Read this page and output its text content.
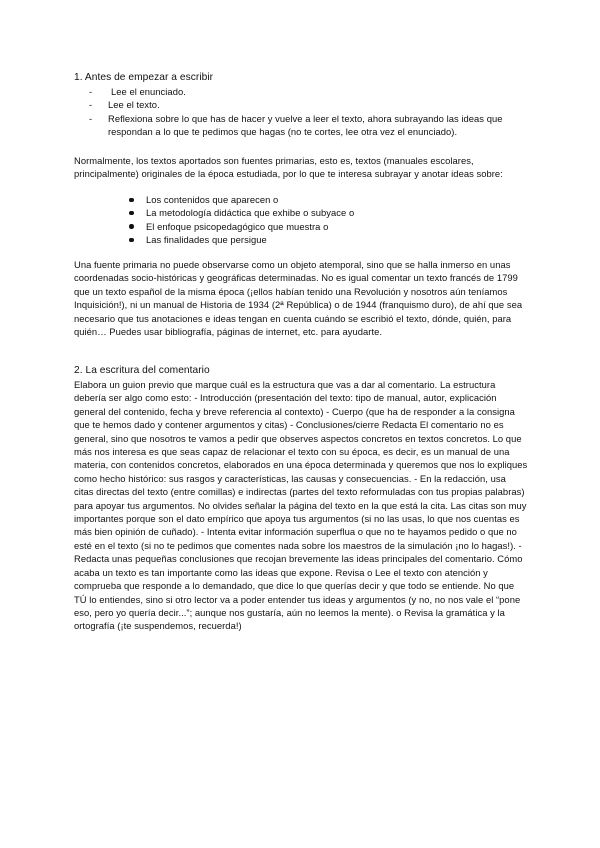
1. Antes de empezar a escribir
- Lee el enunciado.
- Lee el texto.
- Reflexiona sobre lo que has de hacer y vuelve a leer el texto, ahora subrayando las ideas que respondan a lo que te pedimos que hagas (no te cortes, lee otra vez el enunciado).

Normalmente, los textos aportados son fuentes primarias, esto es, textos (manuales escolares, principalmente) originales de la época estudiada, por lo que te interesa subrayar y anotar ideas sobre:

Los contenidos que aparecen o
La metodología didáctica que exhibe o subyace o
El enfoque psicopedagógico que muestra o
Las finalidades que persigue

Una fuente primaria no puede observarse como un objeto atemporal, sino que se halla inmerso en unas coordenadas socio-históricas y geográficas determinadas. No es igual comentar un texto francés de 1799 que un texto español de la misma época (¡ellos habían tenido una Revolución y nosotros aún teníamos Inquisición!), ni un manual de Historia de 1934 (2ª República) o de 1944 (franquismo duro), de ahí que sea necesario que tus anotaciones e ideas tengan en cuenta cuándo se escribió el texto, dónde, quién, para quién… Puedes usar bibliografía, páginas de internet, etc. para ayudarte.

2. La escritura del comentario

Elabora un guion previo que marque cuál es la estructura que vas a dar al comentario. La estructura debería ser algo como esto: - Introducción (presentación del texto: tipo de manual, autor, explicación general del contenido, fecha y breve referencia al contexto) - Cuerpo (que ha de responder a la consigna que te hemos dado y contener argumentos y citas) - Conclusiones/cierre Redacta El comentario no es general, sino que nosotros te vamos a pedir que observes aspectos concretos en textos concretos. Lo que más nos interesa es que seas capaz de relacionar el texto con su época, es decir, es un manual de una materia, con contenidos concretos, elaborados en una época determinada y queremos que nos lo expliques como hecho histórico: sus rasgos y características, las causas y consecuencias. - En la redacción, usa citas directas del texto (entre comillas) e indirectas (partes del texto reformuladas con tus propias palabras) para apoyar tus argumentos. No olvides señalar la página del texto en la que está la cita. Las citas son muy importantes porque son el dato empírico que apoya tus argumentos (si no las usas, lo que nos cuentas es más bien opinión de cuñado). - Intenta evitar información superflua o que no te hayamos pedido o que no esté en el texto (si no te pedimos que comentes nada sobre los maestros de la simulación ¡no lo hagas!). - Redacta unas pequeñas conclusiones que recojan brevemente las ideas principales del comentario. Cómo acaba un texto es tan importante como las ideas que expone. Revisa o Lee el texto con atención y comprueba que responde a lo demandado, que dice lo que querías decir y que todo se entiende. No que TÚ lo entiendes, sino si otro lector va a poder entender tus ideas y argumentos (y no, no nos vale el “pone eso, pero yo quería decir...”; aunque nos gustaría, aún no leemos la mente). o Revisa la gramática y la ortografía (¡te suspendemos, recuerda!)
